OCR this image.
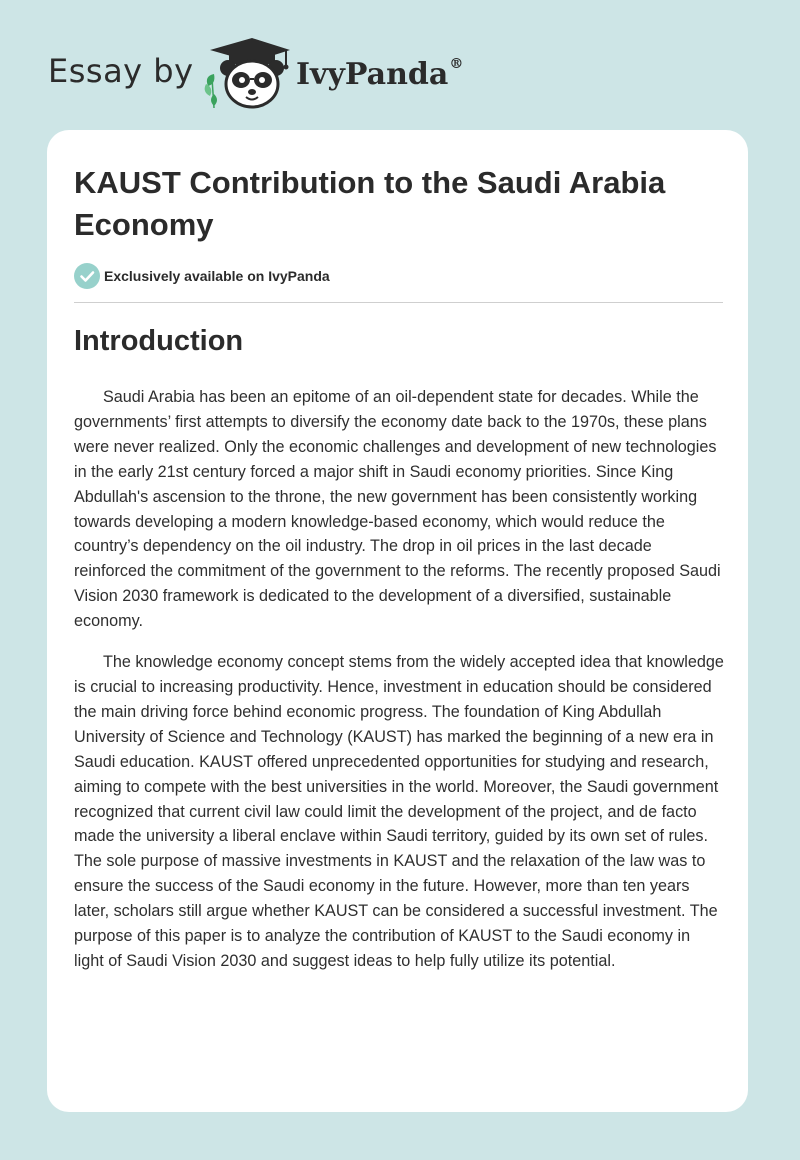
Essay by	IvyPanda®
KAUST Contribution to the Saudi Arabia Economy
Exclusively available on IvyPanda
Introduction

Saudi Arabia has been an epitome of an oil-dependent state for decades. While the governments’ first attempts to diversify the economy date back to the 1970s, these plans were never realized. Only the economic challenges and development of new technologies in the early 21st century forced a major shift in Saudi economy priorities. Since King Abdullah's ascension to the throne, the new government has been consistently working towards developing a modern knowledge-based economy, which would reduce the country’s dependency on the oil industry. The drop in oil prices in the last decade reinforced the commitment of the government to the reforms. The recently proposed Saudi Vision 2030 framework is dedicated to the development of a diversified, sustainable economy.

The knowledge economy concept stems from the widely accepted idea that knowledge is crucial to increasing productivity. Hence, investment in education should be considered the main driving force behind economic progress. The foundation of King Abdullah University of Science and Technology (KAUST) has marked the beginning of a new era in Saudi education. KAUST offered unprecedented opportunities for studying and research, aiming to compete with the best universities in the world. Moreover, the Saudi government recognized that current civil law could limit the development of the project, and de facto made the university a liberal enclave within Saudi territory, guided by its own set of rules. The sole purpose of massive investments in KAUST and the relaxation of the law was to ensure the success of the Saudi economy in the future. However, more than ten years later, scholars still argue whether KAUST can be considered a successful investment. The purpose of this paper is to analyze the contribution of KAUST to the Saudi economy in light of Saudi Vision 2030 and suggest ideas to help fully utilize its potential.
